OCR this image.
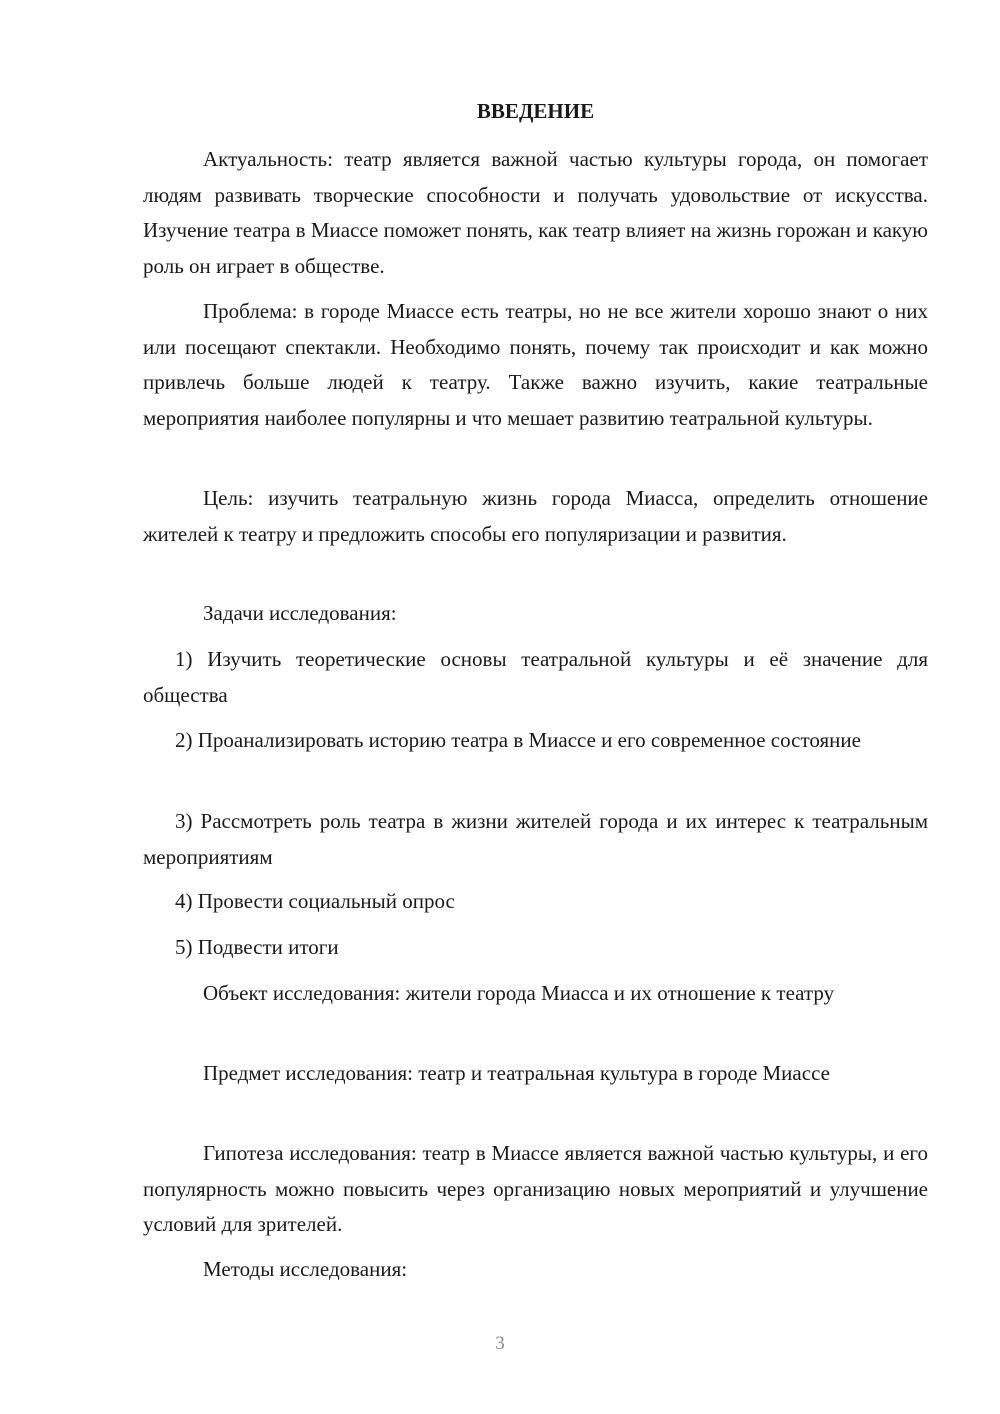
ВВЕДЕНИЕ

Актуальность: театр является важной частью культуры города, он помогает людям развивать творческие способности и получать удовольствие от искусства. Изучение театра в Миассе поможет понять, как театр влияет на жизнь горожан и какую роль он играет в обществе.

Проблема: в городе Миассе есть театры, но не все жители хорошо знают о них или посещают спектакли. Необходимо понять, почему так происходит и как можно привлечь больше людей к театру. Также важно изучить, какие театральные мероприятия наиболее популярны и что мешает развитию театральной культуры.

Цель: изучить театральную жизнь города Миасса, определить отношение жителей к театру и предложить способы его популяризации и развития.

Задачи исследования:

1) Изучить теоретические основы театральной культуры и её значение для общества

2) Проанализировать историю театра в Миассе и его современное состояние

3) Рассмотреть роль театра в жизни жителей города и их интерес к театральным мероприятиям

4) Провести социальный опрос

5) Подвести итоги

Объект исследования: жители города Миасса и их отношение к театру

Предмет исследования: театр и театральная культура в городе Миассе

Гипотеза исследования: театр в Миассе является важной частью культуры, и его популярность можно повысить через организацию новых мероприятий и улучшение условий для зрителей.

Методы исследования:

3
